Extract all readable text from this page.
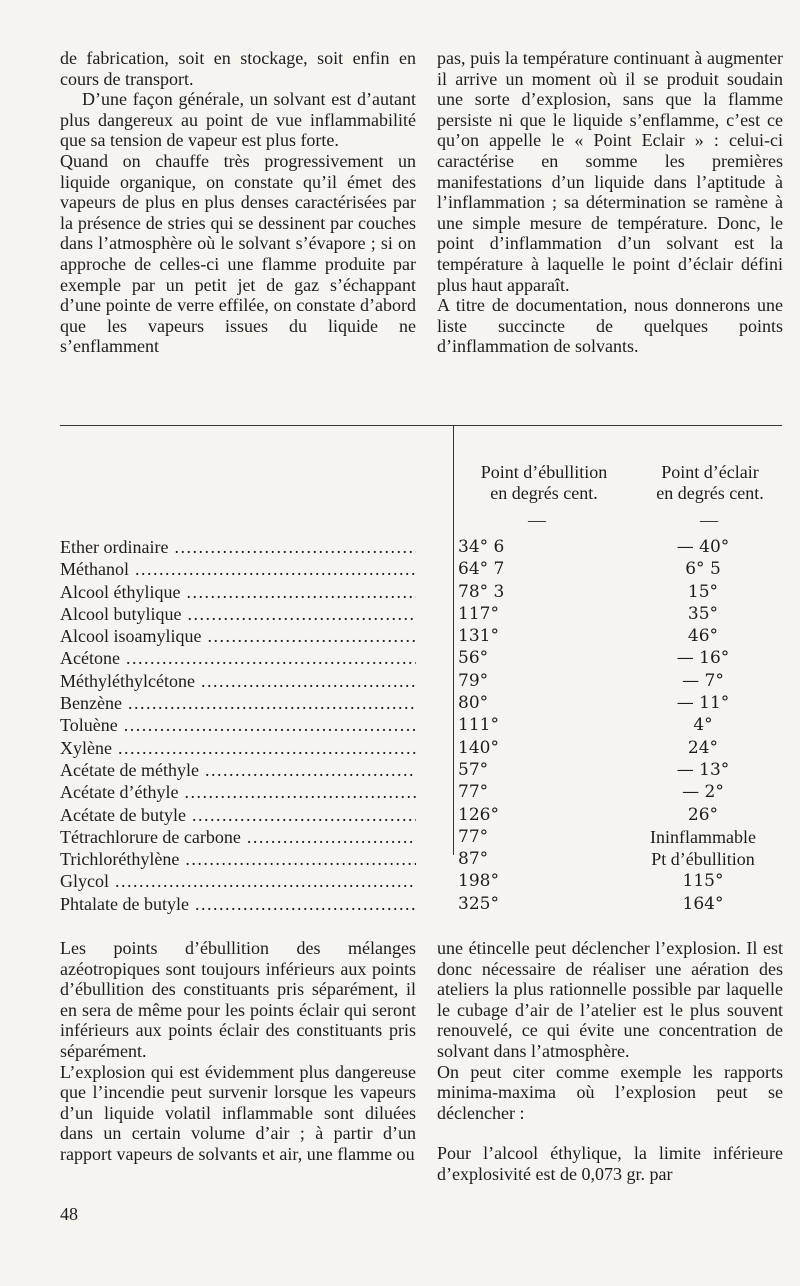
de fabrication, soit en stockage, soit enfin en cours de transport.

D’une façon générale, un solvant est d’autant plus dangereux au point de vue inflammabilité que sa tension de vapeur est plus forte.

Quand on chauffe très progressivement un liquide organique, on constate qu’il émet des vapeurs de plus en plus denses caractérisées par la présence de stries qui se dessinent par couches dans l’atmosphère où le solvant s’évapore ; si on approche de celles-ci une flamme produite par exemple par un petit jet de gaz s’échappant d’une pointe de verre effilée, on constate d’abord que les vapeurs issues du liquide ne s’enflamment

pas, puis la température continuant à augmenter il arrive un moment où il se produit soudain une sorte d’explosion, sans que la flamme persiste ni que le liquide s’enflamme, c’est ce qu’on appelle le « Point Eclair » : celui-ci caractérise en somme les premières manifestations d’un liquide dans l’aptitude à l’inflammation ; sa détermination se ramène à une simple mesure de température. Donc, le point d’inflammation d’un solvant est la température à laquelle le point d’éclair défini plus haut apparaît.

A titre de documentation, nous donnerons une liste succincte de quelques points d’inflammation de solvants.

Point d’ébullition
en degrés cent.
Point d’éclair
en degrés cent.
—	—
Ether ordinaire .....	34° 6	— 40°
Méthanol .....	64° 7	6° 5
Alcool éthylique .....	78° 3	15°
Alcool butylique .....	117°	35°
Alcool isoamylique .....	131°	46°
Acétone .....	56°	— 16°
Méthyléthylcétone .....	79°	— 7°
Benzène .....	80°	— 11°
Toluène .....	111°	4°
Xylène .....	140°	24°
Acétate de méthyle .....	57°	— 13°
Acétate d’éthyle .....	77°	— 2°
Acétate de butyle .....	126°	26°
Tétrachlorure de carbone .....	77°	Ininflammable
Trichloréthylène .....	87°	Pt d’ébullition
Glycol .....	198°	115°
Phtalate de butyle .....	325°	164°

Les points d’ébullition des mélanges azéotropiques sont toujours inférieurs aux points d’ébullition des constituants pris séparément, il en sera de même pour les points éclair qui seront inférieurs aux points éclair des constituants pris séparément.

L’explosion qui est évidemment plus dangereuse que l’incendie peut survenir lorsque les vapeurs d’un liquide volatil inflammable sont diluées dans un certain volume d’air ; à partir d’un rapport vapeurs de solvants et air, une flamme ou

une étincelle peut déclencher l’explosion. Il est donc nécessaire de réaliser une aération des ateliers la plus rationnelle possible par laquelle le cubage d’air de l’atelier est le plus souvent renouvelé, ce qui évite une concentration de solvant dans l’atmosphère.

On peut citer comme exemple les rapports minima-maxima où l’explosion peut se déclencher :

Pour l’alcool éthylique, la limite inférieure d’explosivité est de 0,073 gr. par

48
